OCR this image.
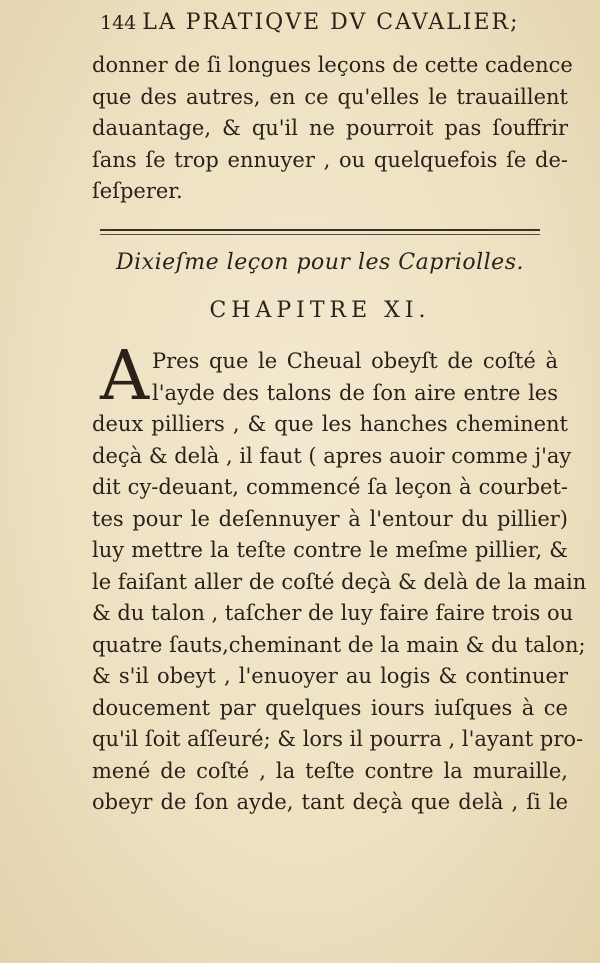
144 LA PRATIQVE DV CAVALIER;
donner de ſi longues leçons de cette cadence
que des autres, en ce qu'elles le trauaillent
dauantage, & qu'il ne pourroit pas ſouffrir
ſans ſe trop ennuyer , ou quelquefois ſe de-
ſeſperer.
Dixieſme leçon pour les Capriolles.
CHAPITRE XI.
A Pres que le Cheual obeyſt de coſté à
l'ayde des talons de ſon aire entre les
deux pilliers , & que les hanches cheminent
deçà & delà , il faut ( apres auoir comme j'ay
dit cy-deuant, commencé ſa leçon à courbet-
tes pour le deſennuyer à l'entour du pillier)
luy mettre la teſte contre le meſme pillier, &
le faiſant aller de coſté deçà & delà de la main
& du talon , taſcher de luy faire faire trois ou
quatre ſauts,cheminant de la main & du talon;
& s'il obeyt , l'enuoyer au logis & continuer
doucement par quelques iours iuſques à ce
qu'il ſoit aſſeuré; & lors il pourra , l'ayant pro-
mené de coſté , la teſte contre la muraille,
obeyr de ſon ayde, tant deçà que delà , ſi le
